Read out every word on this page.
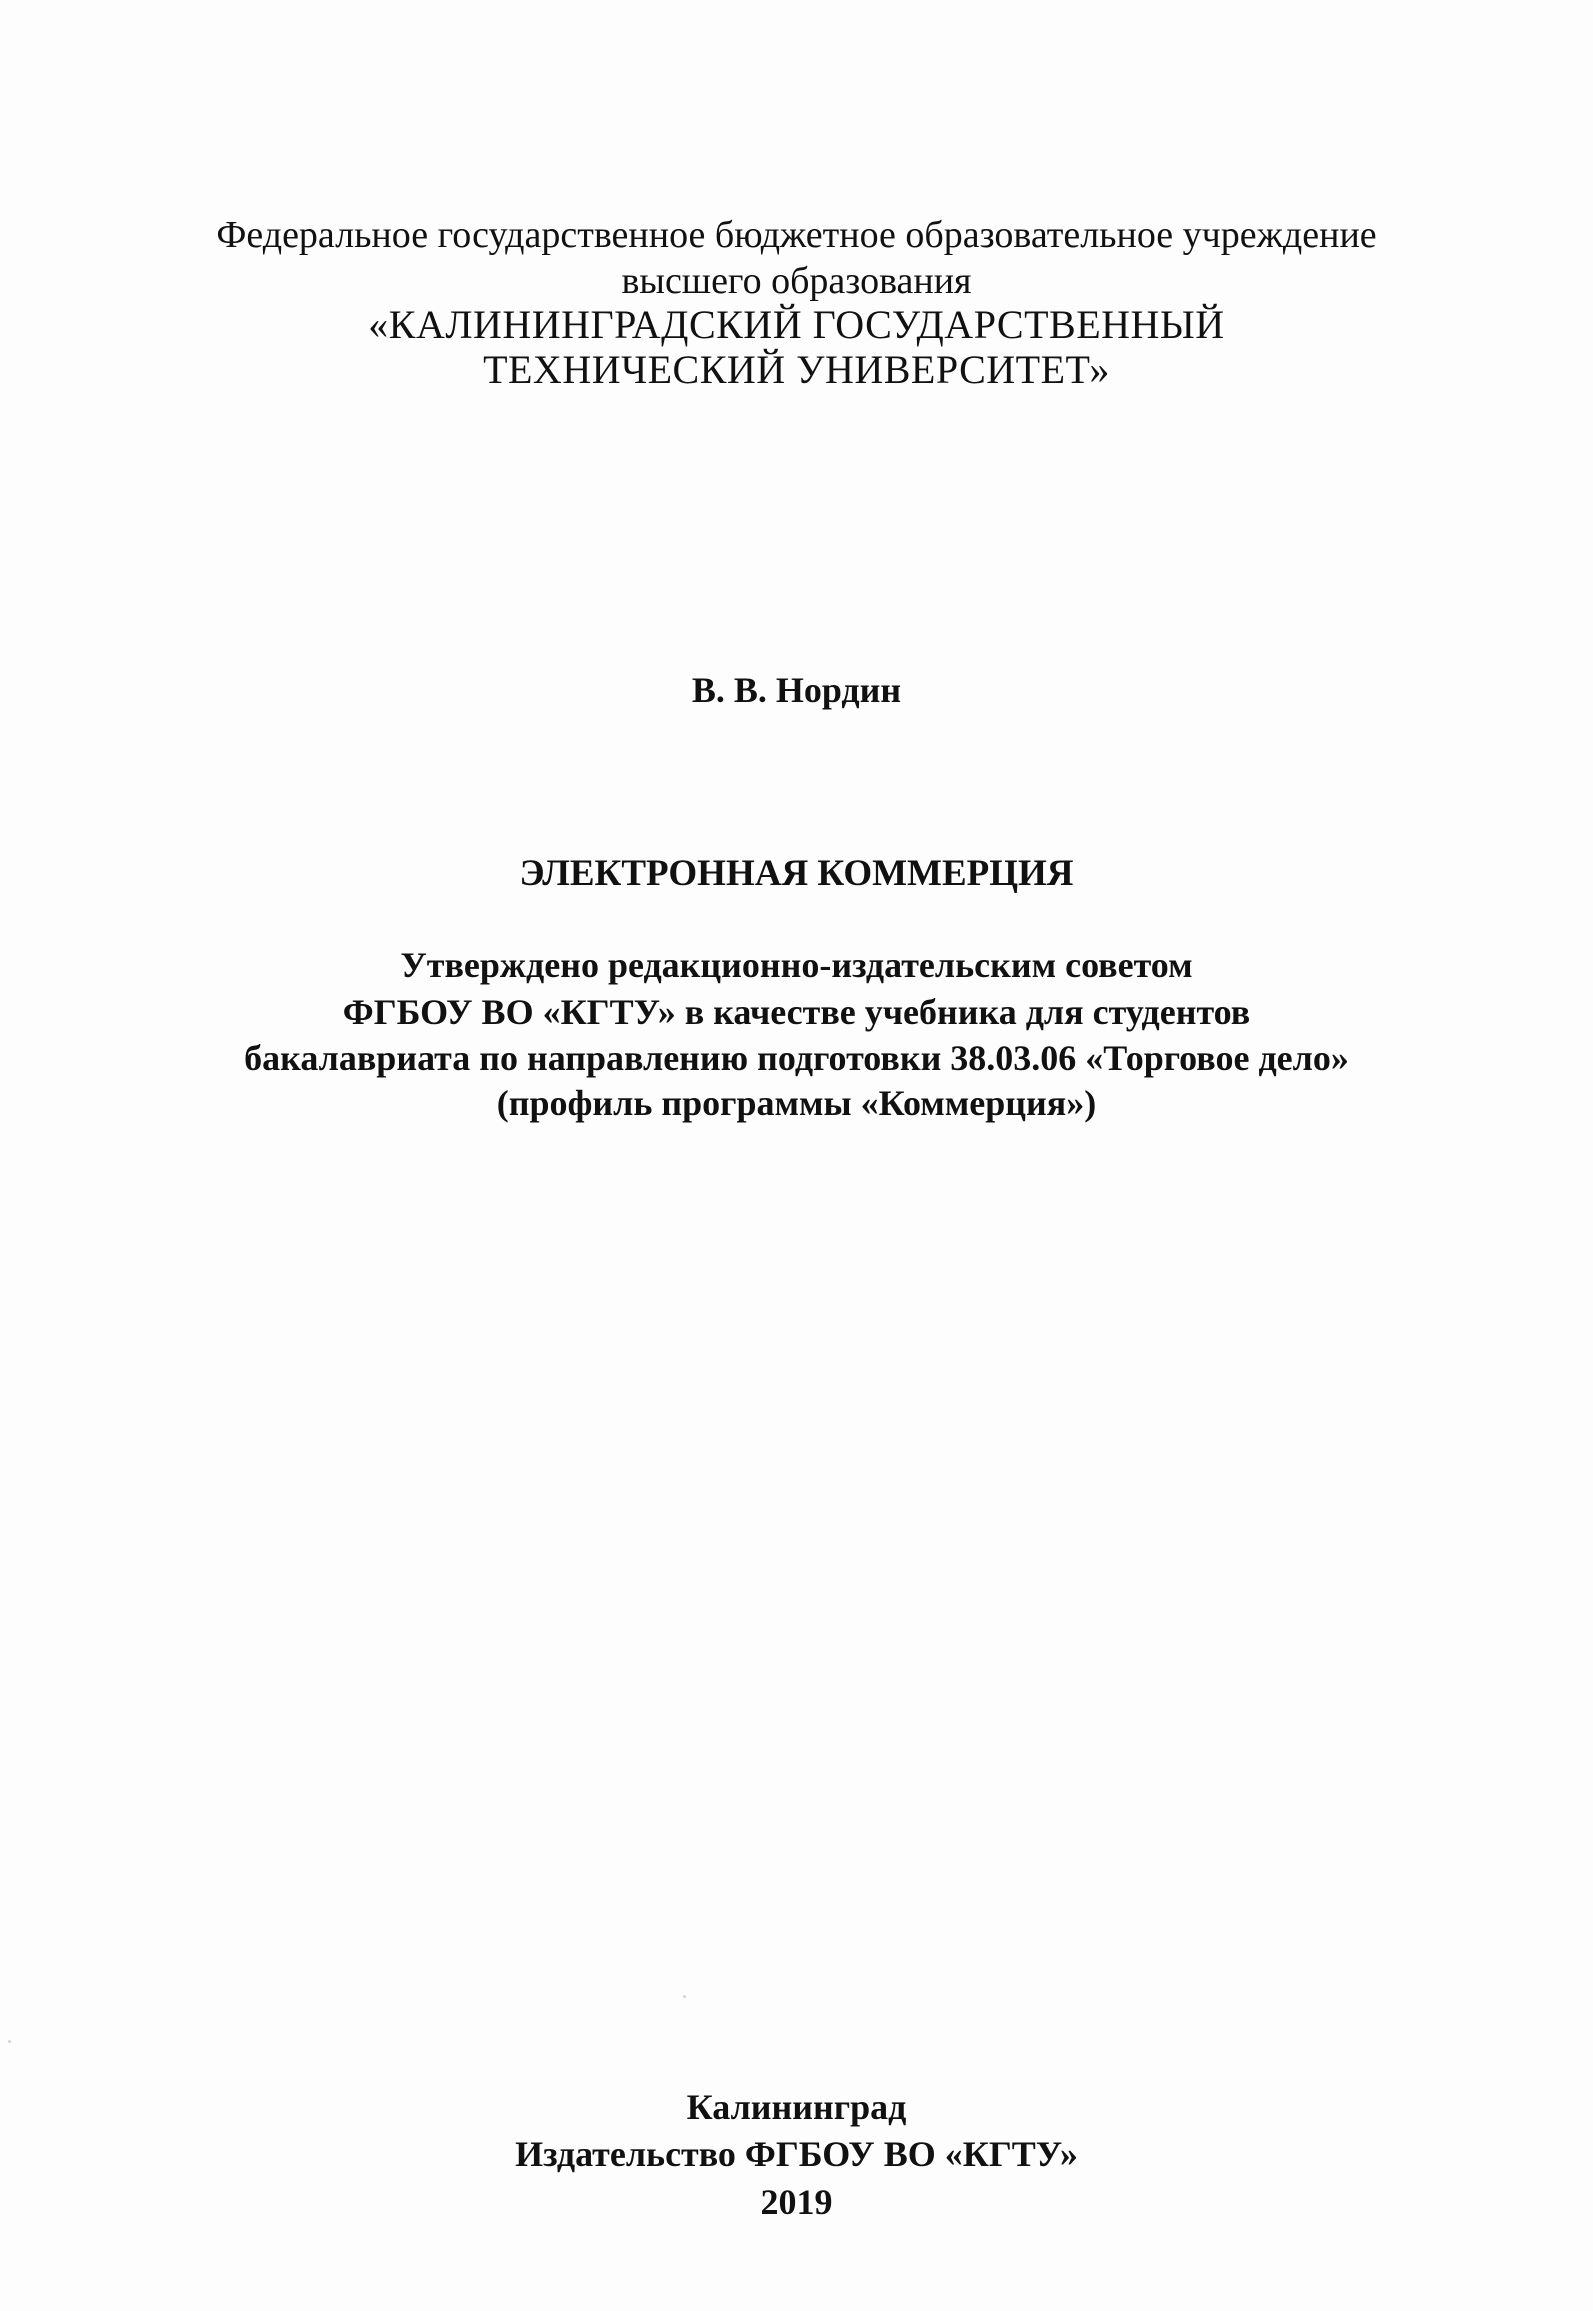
Федеральное государственное бюджетное образовательное учреждение
высшего образования
«КАЛИНИНГРАДСКИЙ ГОСУДАРСТВЕННЫЙ
ТЕХНИЧЕСКИЙ УНИВЕРСИТЕТ»
В. В. Нордин
ЭЛЕКТРОННАЯ КОММЕРЦИЯ
Утверждено редакционно-издательским советом
ФГБОУ ВО «КГТУ» в качестве учебника для студентов
бакалавриата по направлению подготовки 38.03.06 «Торговое дело»
(профиль программы «Коммерция»)
Калининград
Издательство ФГБОУ ВО «КГТУ»
2019
